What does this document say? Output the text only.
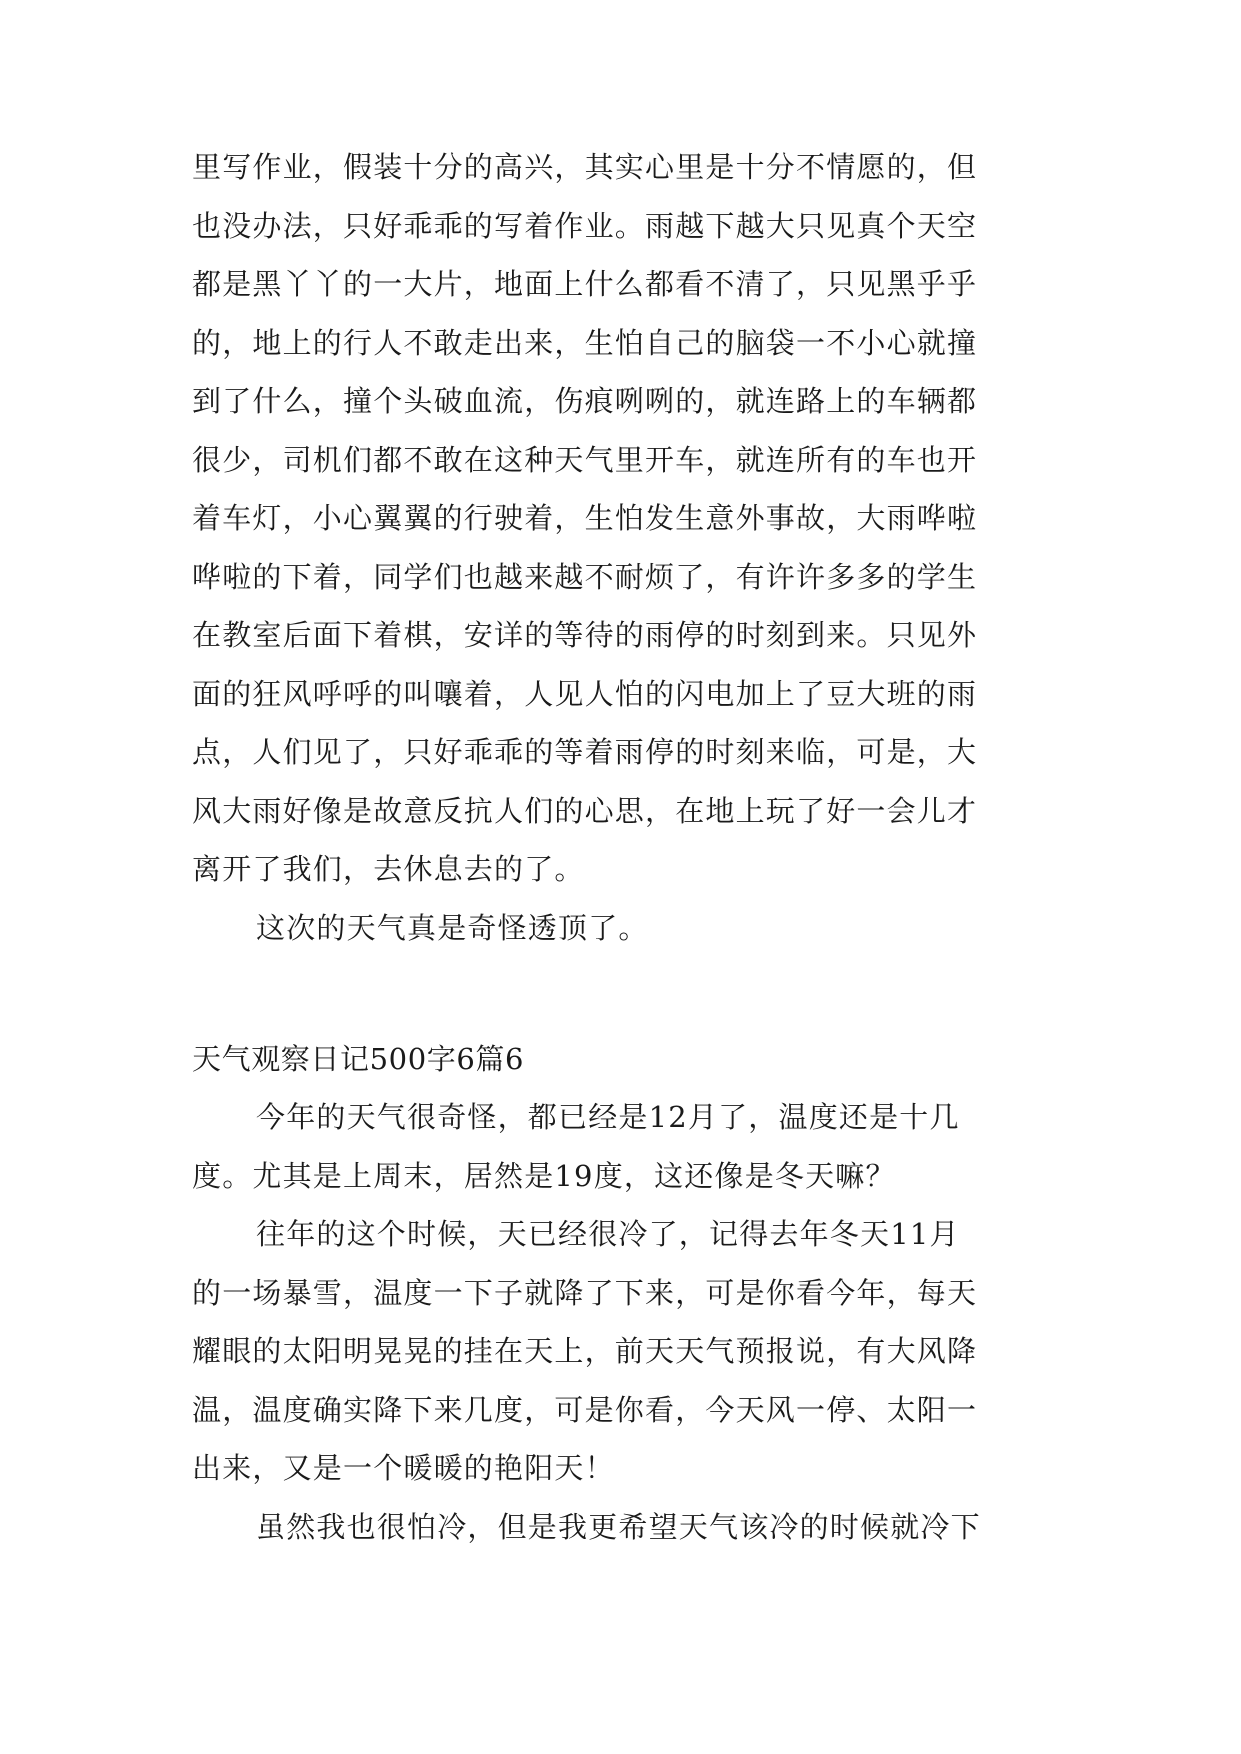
里写作业，假装十分的高兴，其实心里是十分不情愿的，但
也没办法，只好乖乖的写着作业。雨越下越大只见真个天空
都是黑丫丫的一大片，地面上什么都看不清了，只见黑乎乎
的，地上的行人不敢走出来，生怕自己的脑袋一不小心就撞
到了什么，撞个头破血流，伤痕咧咧的，就连路上的车辆都
很少，司机们都不敢在这种天气里开车，就连所有的车也开
着车灯，小心翼翼的行驶着，生怕发生意外事故，大雨哗啦
哗啦的下着，同学们也越来越不耐烦了，有许许多多的学生
在教室后面下着棋，安详的等待的雨停的时刻到来。只见外
面的狂风呼呼的叫嚷着，人见人怕的闪电加上了豆大班的雨
点，人们见了，只好乖乖的等着雨停的时刻来临，可是，大
风大雨好像是故意反抗人们的心思，在地上玩了好一会儿才
离开了我们，去休息去的了。
这次的天气真是奇怪透顶了。
天气观察日记500字6篇6
今年的天气很奇怪，都已经是12月了，温度还是十几
度。尤其是上周末，居然是19度，这还像是冬天嘛？
往年的这个时候，天已经很冷了，记得去年冬天11月
的一场暴雪，温度一下子就降了下来，可是你看今年，每天
耀眼的太阳明晃晃的挂在天上，前天天气预报说，有大风降
温，温度确实降下来几度，可是你看，今天风一停、太阳一
出来，又是一个暖暖的艳阳天！
虽然我也很怕冷，但是我更希望天气该冷的时候就冷下
